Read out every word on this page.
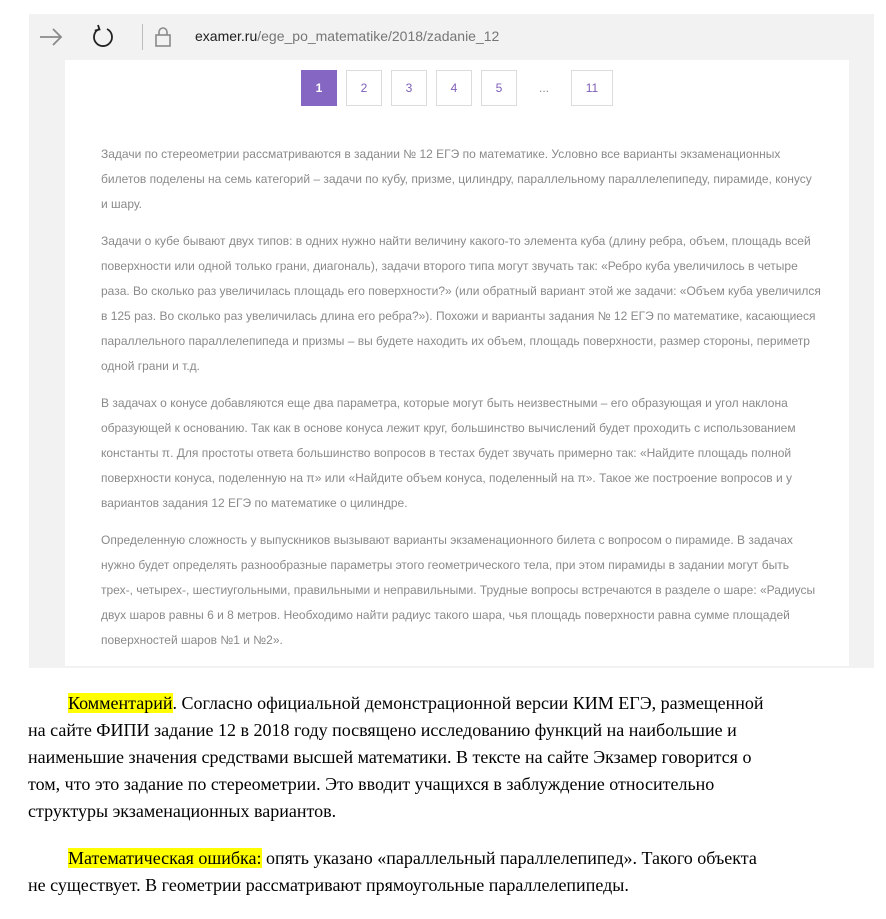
examer.ru/ege_po_matematike/2018/zadanie_12
1	2	3	4	5	...	11

Задачи по стереометрии рассматриваются в задании № 12 ЕГЭ по математике. Условно все варианты экзаменационных
билетов поделены на семь категорий – задачи по кубу, призме, цилиндру, параллельному параллелепипеду, пирамиде, конусу
и шару.

Задачи о кубе бывают двух типов: в одних нужно найти величину какого-то элемента куба (длину ребра, объем, площадь всей
поверхности или одной только грани, диагональ), задачи второго типа могут звучать так: «Ребро куба увеличилось в четыре
раза. Во сколько раз увеличилась площадь его поверхности?» (или обратный вариант этой же задачи: «Объем куба увеличился
в 125 раз. Во сколько раз увеличилась длина его ребра?»). Похожи и варианты задания № 12 ЕГЭ по математике, касающиеся
параллельного параллелепипеда и призмы – вы будете находить их объем, площадь поверхности, размер стороны, периметр
одной грани и т.д.

В задачах о конусе добавляются еще два параметра, которые могут быть неизвестными – его образующая и угол наклона
образующей к основанию. Так как в основе конуса лежит круг, большинство вычислений будет проходить с использованием
константы π. Для простоты ответа большинство вопросов в тестах будет звучать примерно так: «Найдите площадь полной
поверхности конуса, поделенную на π» или «Найдите объем конуса, поделенный на π». Такое же построение вопросов и у
вариантов задания 12 ЕГЭ по математике о цилиндре.

Определенную сложность у выпускников вызывают варианты экзаменационного билета с вопросом о пирамиде. В задачах
нужно будет определять разнообразные параметры этого геометрического тела, при этом пирамиды в задании могут быть
трех-, четырех-, шестиугольными, правильными и неправильными. Трудные вопросы встречаются в разделе о шаре: «Радиусы
двух шаров равны 6 и 8 метров. Необходимо найти радиус такого шара, чья площадь поверхности равна сумме площадей
поверхностей шаров №1 и №2».

Комментарий. Согласно официальной демонстрационной версии КИМ ЕГЭ, размещенной
на сайте ФИПИ задание 12 в 2018 году посвящено исследованию функций на наибольшие и
наименьшие значения средствами высшей математики. В тексте на сайте Экзамер говорится о
том, что это задание по стереометрии. Это вводит учащихся в заблуждение относительно
структуры экзаменационных вариантов.

Математическая ошибка: опять указано «параллельный параллелепипед». Такого объекта
не существует. В геометрии рассматривают прямоугольные параллелепипеды.
